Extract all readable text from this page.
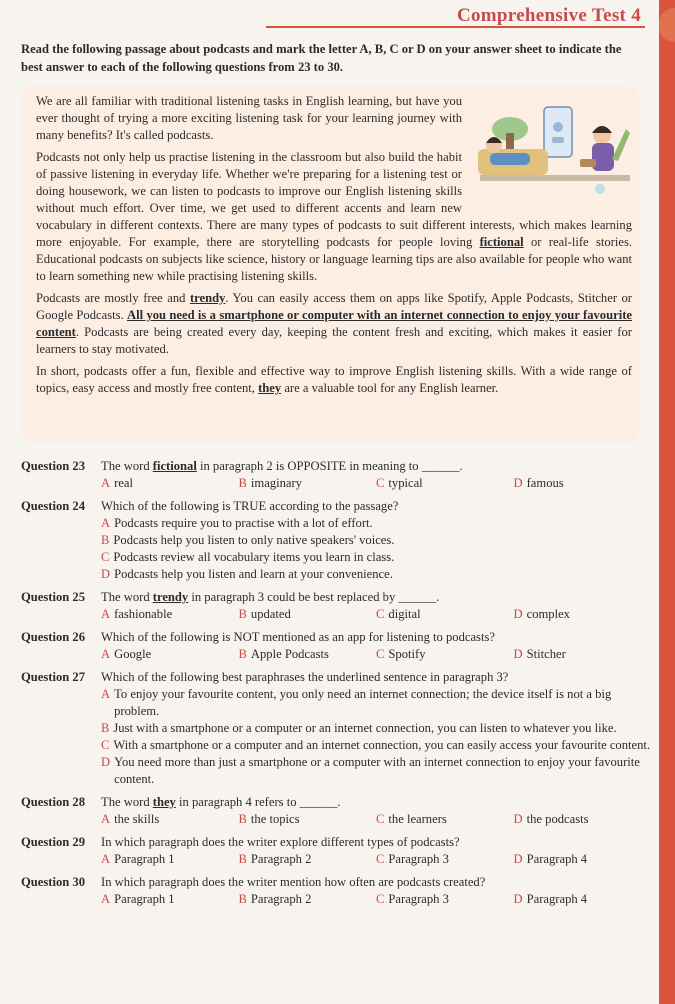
Comprehensive Test 4
Read the following passage about podcasts and mark the letter A, B, C or D on your answer sheet to indicate the best answer to each of the following questions from 23 to 30.

We are all familiar with traditional listening tasks in English learning, but have you ever thought of trying a more exciting listening task for your learning journey with many benefits? It's called podcasts.

Podcasts not only help us practise listening in the classroom but also build the habit of passive listening in everyday life. Whether we're preparing for a listening test or doing housework, we can listen to podcasts to improve our English listening skills without much effort. Over time, we get used to different accents and learn new vocabulary in different contexts. There are many types of podcasts to suit different interests, which makes learning more enjoyable. For example, there are storytelling podcasts for people loving fictional or real-life stories. Educational podcasts on subjects like science, history or language learning tips are also available for people who want to learn something new while practising listening skills.

Podcasts are mostly free and trendy. You can easily access them on apps like Spotify, Apple Podcasts, Stitcher or Google Podcasts. All you need is a smartphone or computer with an internet connection to enjoy your favourite content. Podcasts are being created every day, keeping the content fresh and exciting, which makes it easier for learners to stay motivated.

In short, podcasts offer a fun, flexible and effective way to improve English listening skills. With a wide range of topics, easy access and mostly free content, they are a valuable tool for any English learner.

Question 23	The word fictional in paragraph 2 is OPPOSITE in meaning to ______.
A real	B imaginary	C typical	D famous
Question 24	Which of the following is TRUE according to the passage?
A Podcasts require you to practise with a lot of effort.
B Podcasts help you listen to only native speakers' voices.
C Podcasts review all vocabulary items you learn in class.
D Podcasts help you listen and learn at your convenience.
Question 25	The word trendy in paragraph 3 could be best replaced by ______.
A fashionable	B updated	C digital	D complex
Question 26	Which of the following is NOT mentioned as an app for listening to podcasts?
A Google	B Apple Podcasts	C Spotify	D Stitcher
Question 27	Which of the following best paraphrases the underlined sentence in paragraph 3?
A To enjoy your favourite content, you only need an internet connection; the device itself is not a big problem.
B Just with a smartphone or a computer or an internet connection, you can listen to whatever you like.
C With a smartphone or a computer and an internet connection, you can easily access your favourite content.
D You need more than just a smartphone or a computer with an internet connection to enjoy your favourite content.
Question 28	The word they in paragraph 4 refers to ______.
A the skills	B the topics	C the learners	D the podcasts
Question 29	In which paragraph does the writer explore different types of podcasts?
A Paragraph 1	B Paragraph 2	C Paragraph 3	D Paragraph 4
Question 30	In which paragraph does the writer mention how often are podcasts created?
A Paragraph 1	B Paragraph 2	C Paragraph 3	D Paragraph 4
